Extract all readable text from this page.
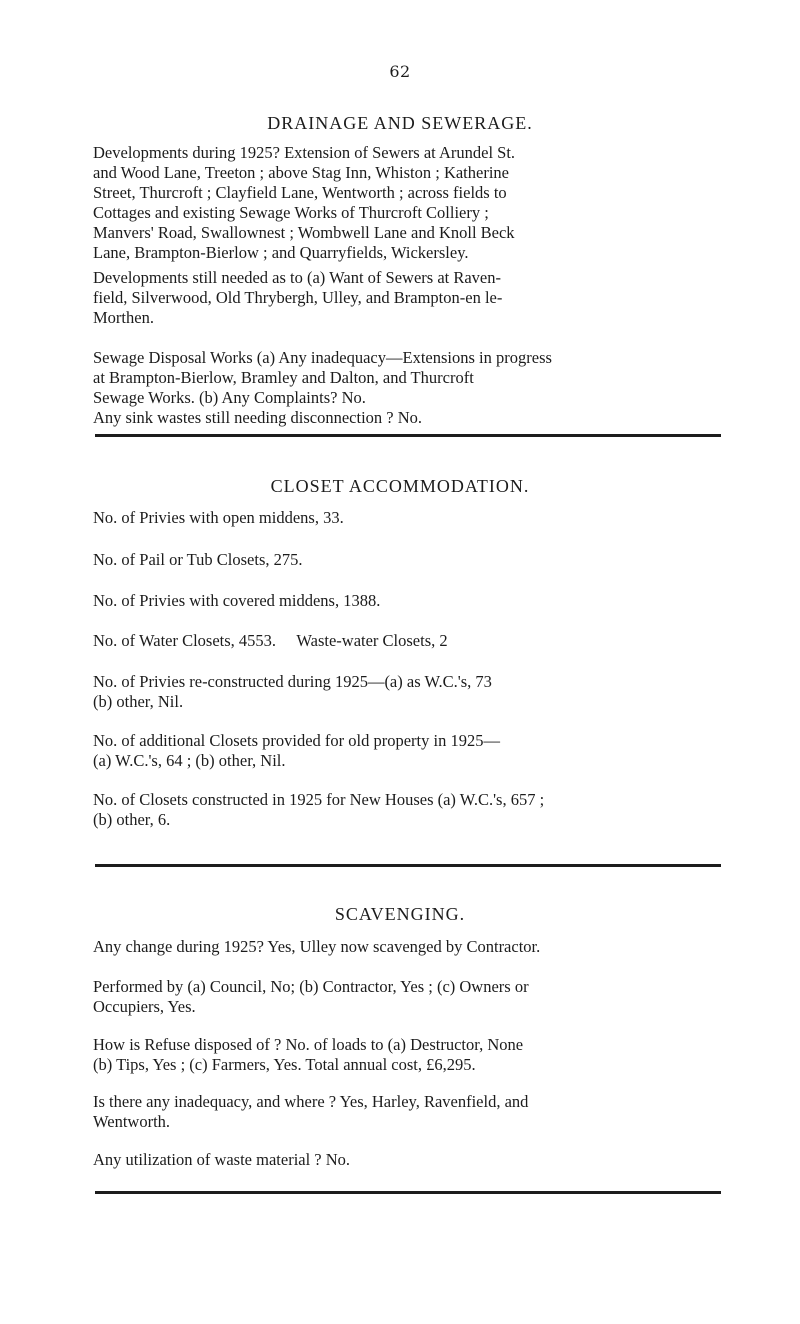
62
DRAINAGE AND SEWERAGE.
Developments during 1925? Extension of Sewers at Arundel St.
and Wood Lane, Treeton ; above Stag Inn, Whiston ; Katherine
Street, Thurcroft ; Clayfield Lane, Wentworth ; across fields to
Cottages and existing Sewage Works of Thurcroft Colliery ;
Manvers' Road, Swallownest ; Wombwell Lane and Knoll Beck
Lane, Brampton-Bierlow ; and Quarryfields, Wickersley.
Developments still needed as to (a) Want of Sewers at Raven-
field, Silverwood, Old Thrybergh, Ulley, and Brampton-en le-
Morthen.
Sewage Disposal Works (a) Any inadequacy—Extensions in progress
at Brampton-Bierlow, Bramley and Dalton, and Thurcroft
Sewage Works. (b) Any Complaints? No.
Any sink wastes still needing disconnection ? No.
CLOSET ACCOMMODATION.
No. of Privies with open middens, 33.
No. of Pail or Tub Closets, 275.
No. of Privies with covered middens, 1388.
No. of Water Closets, 4553.     Waste-water Closets, 2
No. of Privies re-constructed during 1925—(a) as W.C.'s, 73
(b) other, Nil.
No. of additional Closets provided for old property in 1925—
(a) W.C.'s, 64 ; (b) other, Nil.
No. of Closets constructed in 1925 for New Houses (a) W.C.'s, 657 ;
(b) other, 6.
SCAVENGING.
Any change during 1925? Yes, Ulley now scavenged by Contractor.
Performed by (a) Council, No; (b) Contractor, Yes ; (c) Owners or
Occupiers, Yes.
How is Refuse disposed of ? No. of loads to (a) Destructor, None
(b) Tips, Yes ; (c) Farmers, Yes. Total annual cost, £6,295.
Is there any inadequacy, and where ? Yes, Harley, Ravenfield, and
Wentworth.
Any utilization of waste material ? No.
